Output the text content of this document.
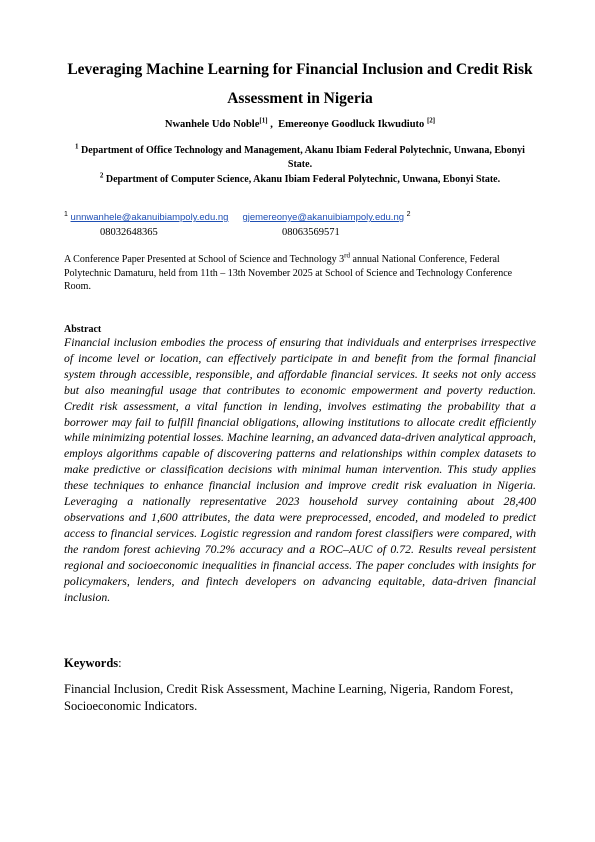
Leveraging Machine Learning for Financial Inclusion and Credit Risk Assessment in Nigeria
Nwanhele Udo Noble[1] ,  Emereonye Goodluck Ikwudiuto [2]
$^1$ Department of Office Technology and Management, Akanu Ibiam Federal Polytechnic, Unwana, Ebonyi State.
$^2$ Department of Computer Science, Akanu Ibiam Federal Polytechnic, Unwana, Ebonyi State.
$^1$ unnwanhele@akanuibiampoly.edu.ng gjemereonye@akanuibiampoly.edu.ng $^2$
08032648365	08063569571
A Conference Paper Presented at School of Science and Technology 3rd annual National Conference, Federal Polytechnic Damaturu, held from 11th – 13th November 2025 at School of Science and Technology Conference Room.
Abstract

Financial inclusion embodies the process of ensuring that individuals and enterprises irrespective of income level or location, can effectively participate in and benefit from the formal financial system through accessible, responsible, and affordable financial services. It seeks not only access but also meaningful usage that contributes to economic empowerment and poverty reduction. Credit risk assessment, a vital function in lending, involves estimating the probability that a borrower may fail to fulfill financial obligations, allowing institutions to allocate credit efficiently while minimizing potential losses. Machine learning, an advanced data-driven analytical approach, employs algorithms capable of discovering patterns and relationships within complex datasets to make predictive or classification decisions with minimal human intervention. This study applies these techniques to enhance financial inclusion and improve credit risk evaluation in Nigeria. Leveraging a nationally representative 2023 household survey containing about 28,400 observations and 1,600 attributes, the data were preprocessed, encoded, and modeled to predict access to financial services. Logistic regression and random forest classifiers were compared, with the random forest achieving 70.2% accuracy and a ROC–AUC of 0.72. Results reveal persistent regional and socioeconomic inequalities in financial access. The paper concludes with insights for policymakers, lenders, and fintech developers on advancing equitable, data-driven financial inclusion.

Keywords:

Financial Inclusion, Credit Risk Assessment, Machine Learning, Nigeria, Random Forest, Socioeconomic Indicators.
